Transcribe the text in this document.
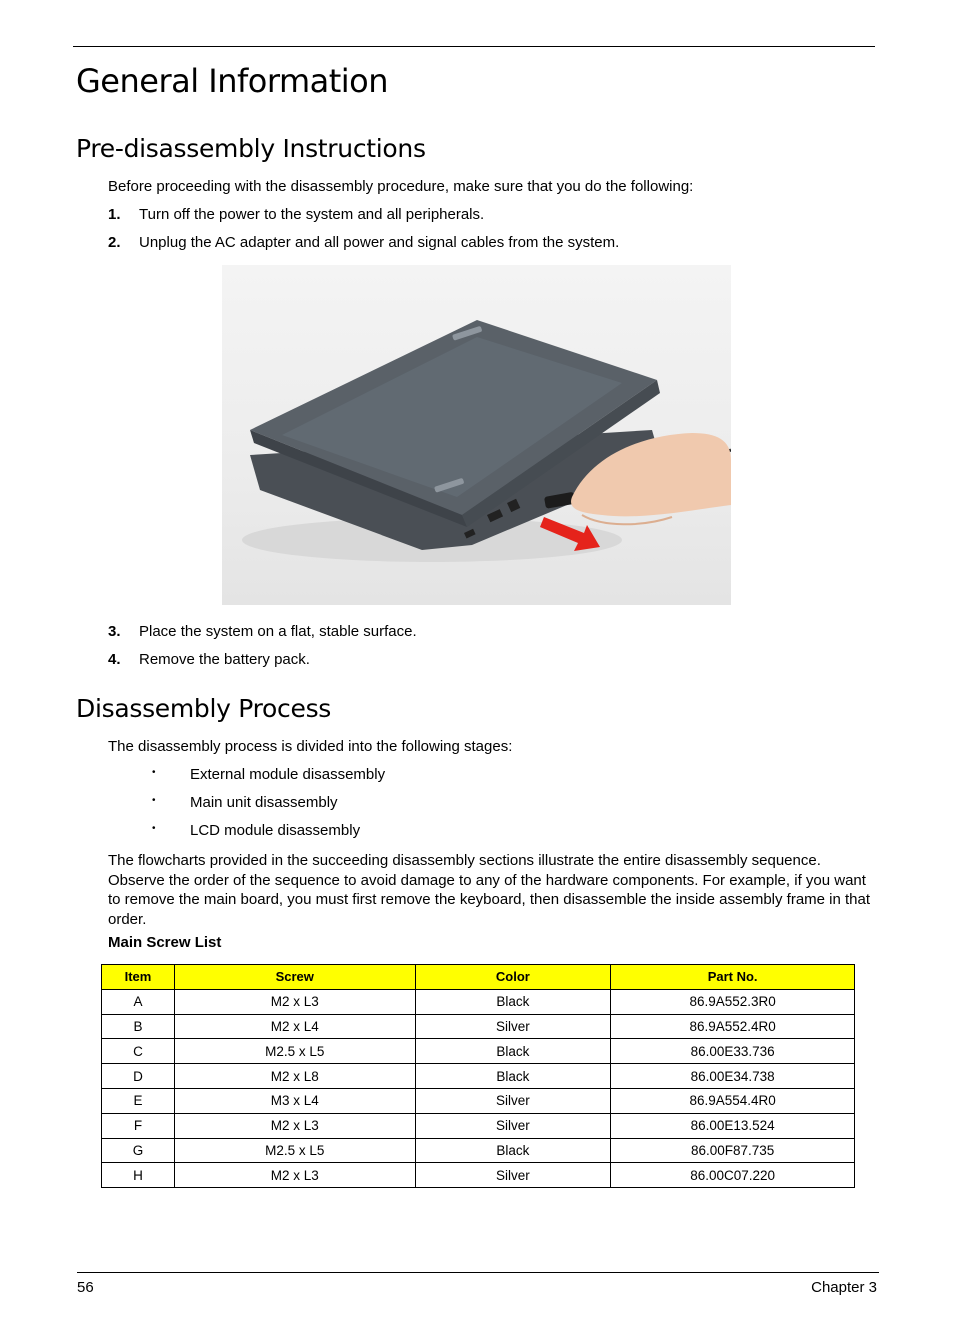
General Information
Pre-disassembly Instructions

Before proceeding with the disassembly procedure, make sure that you do the following:

1. Turn off the power to the system and all peripherals.
2. Unplug the AC adapter and all power and signal cables from the system.
3. Place the system on a flat, stable surface.
4. Remove the battery pack.
Disassembly Process

The disassembly process is divided into the following stages:

• External module disassembly
• Main unit disassembly
• LCD module disassembly

The flowcharts provided in the succeeding disassembly sections illustrate the entire disassembly sequence. Observe the order of the sequence to avoid damage to any of the hardware components. For example, if you want to remove the main board, you must first remove the keyboard, then disassemble the inside assembly frame in that order.

Main Screw List
Item	Screw	Color	Part No.
A	M2 x L3	Black	86.9A552.3R0
B	M2 x L4	Silver	86.9A552.4R0
C	M2.5 x L5	Black	86.00E33.736
D	M2 x L8	Black	86.00E34.738
E	M3 x L4	Silver	86.9A554.4R0
F	M2 x L3	Silver	86.00E13.524
G	M2.5 x L5	Black	86.00F87.735
H	M2 x L3	Silver	86.00C07.220
56	Chapter 3
